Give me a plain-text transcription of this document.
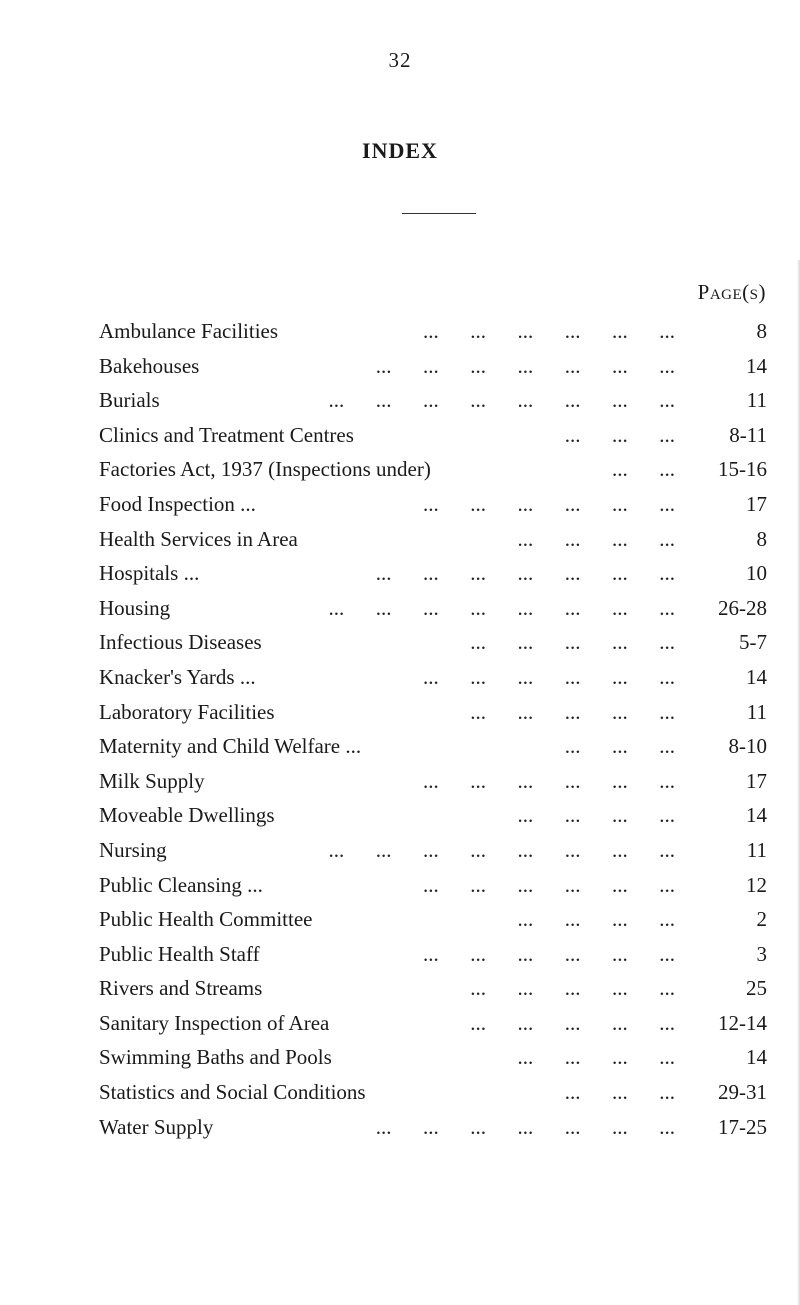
32
INDEX
Page(s)
Ambulance Facilities	...  ...  ...  ...  ...  ...	8
Bakehouses	...  ...  ...  ...  ...  ...  ...	14
Burials	...  ...  ...  ...  ...  ...  ...  ...	11
Clinics and Treatment Centres	...  ...  ...	8-11
Factories Act, 1937 (Inspections under)	...  ... 15-16
Food Inspection ...	...  ...  ...  ...  ...  ...	17
Health Services in Area	...  ...  ...  ...	8
Hospitals ...	...  ...  ...  ...  ...  ...  ...	10
Housing	...  ...  ...  ...  ...  ...  ...  ... 26-28
Infectious Diseases	...  ...  ...  ...  ...	5-7
Knacker's Yards ...	...  ...  ...  ...  ...  ...	14
Laboratory Facilities	...  ...  ...  ...  ...	11
Maternity and Child Welfare ...	...  ...  ...	8-10
Milk Supply	...  ...  ...  ...  ...  ...	17
Moveable Dwellings	...  ...  ...  ...	14
Nursing	...  ...  ...  ...  ...  ...  ...  ...	11
Public Cleansing ...	...  ...  ...  ...  ...  ...	12
Public Health Committee	...  ...  ...  ...	2
Public Health Staff	...  ...  ...  ...  ...  ...	3
Rivers and Streams	...  ...  ...  ...  ...	25
Sanitary Inspection of Area	...  ...  ...  ...  ... 12-14
Swimming Baths and Pools	...  ...  ...  ...	14
Statistics and Social Conditions	...  ...  ... 29-31
Water Supply	...  ...  ...  ...  ...  ...  ... 17-25
